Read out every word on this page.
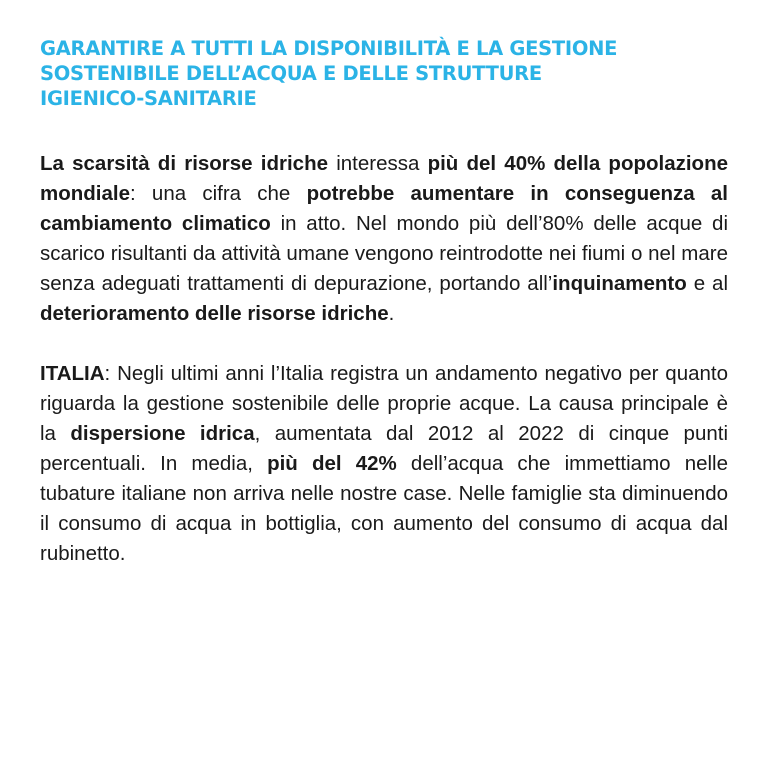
GARANTIRE A TUTTI LA DISPONIBILITÀ E LA GESTIONE
SOSTENIBILE DELL’ACQUA E DELLE STRUTTURE
IGIENICO-SANITARIE

La scarsità di risorse idriche interessa più del 40% della popolazione mondiale: una cifra che potrebbe aumentare in conseguenza al cambiamento climatico in atto. Nel mondo più dell’80% delle acque di scarico risultanti da attività umane vengono reintrodotte nei fiumi o nel mare senza adeguati trattamenti di depurazione, portando all’inquinamento e al deterioramento delle risorse idriche.

ITALIA: Negli ultimi anni l’Italia registra un andamento negativo per quanto riguarda la gestione sostenibile delle proprie acque. La causa principale è la dispersione idrica, aumentata dal 2012 al 2022 di cinque punti percentuali. In media, più del 42% dell’acqua che immettiamo nelle tubature italiane non arriva nelle nostre case. Nelle famiglie sta diminuendo il consumo di acqua in bottiglia, con aumento del consumo di acqua dal rubinetto.
